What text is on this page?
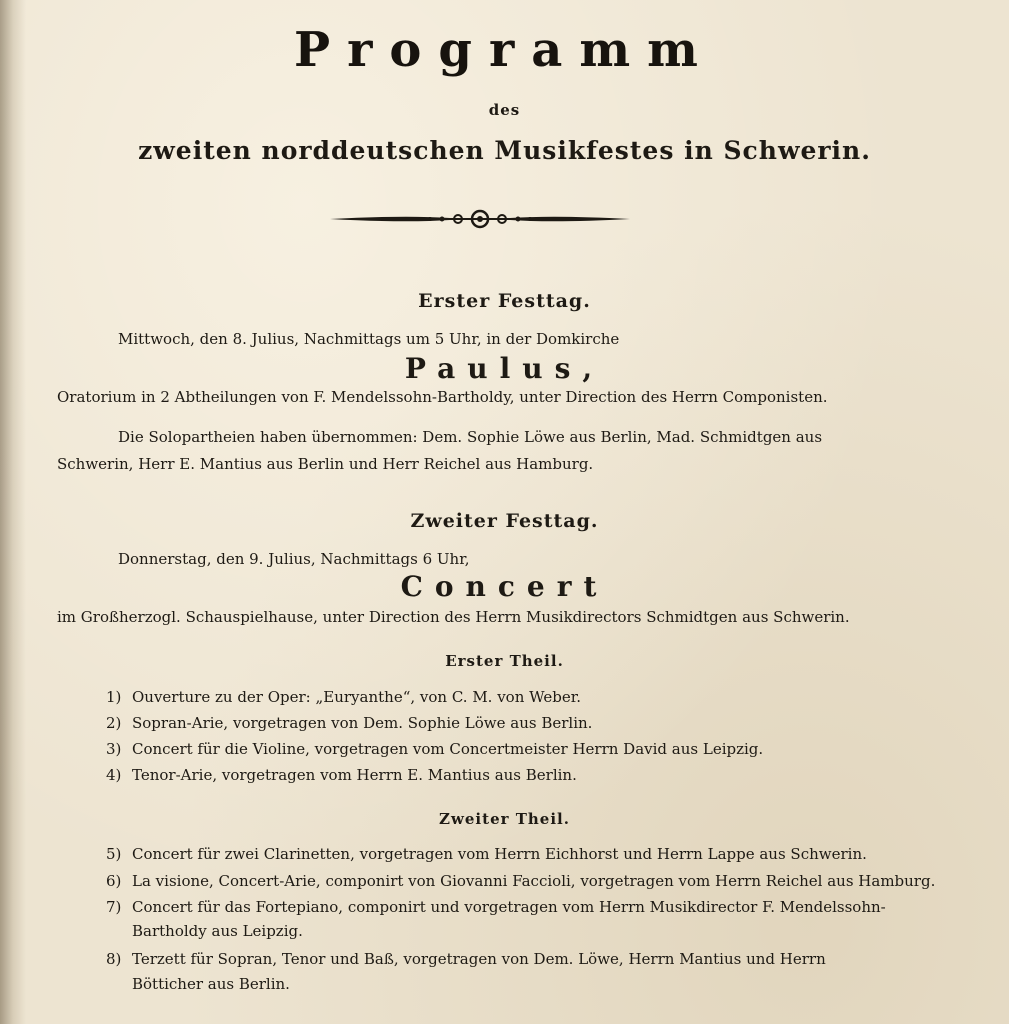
Programm
des
zweiten norddeutschen Musikfestes in Schwerin.
Erster Festtag.
Mittwoch, den 8. Julius, Nachmittags um 5 Uhr, in der Domkirche
Paulus,
Oratorium in 2 Abtheilungen von F. Mendelssohn-Bartholdy, unter Direction des Herrn Componisten.
Die Solopartheien haben übernommen: Dem. Sophie Löwe aus Berlin, Mad. Schmidtgen aus
Schwerin, Herr E. Mantius aus Berlin und Herr Reichel aus Hamburg.
Zweiter Festtag.
Donnerstag, den 9. Julius, Nachmittags 6 Uhr,
Concert
im Großherzogl. Schauspielhause, unter Direction des Herrn Musikdirectors Schmidtgen aus Schwerin.
Erster Theil.
1) Ouverture zu der Oper: „Euryanthe“, von C. M. von Weber.
2) Sopran-Arie, vorgetragen von Dem. Sophie Löwe aus Berlin.
3) Concert für die Violine, vorgetragen vom Concertmeister Herrn David aus Leipzig.
4) Tenor-Arie, vorgetragen vom Herrn E. Mantius aus Berlin.
Zweiter Theil.
5) Concert für zwei Clarinetten, vorgetragen vom Herrn Eichhorst und Herrn Lappe aus Schwerin.
6) La visione, Concert-Arie, componirt von Giovanni Faccioli, vorgetragen vom Herrn Reichel aus Hamburg.
7) Concert für das Fortepiano, componirt und vorgetragen vom Herrn Musikdirector F. Mendelssohn-
Bartholdy aus Leipzig.
8) Terzett für Sopran, Tenor und Baß, vorgetragen von Dem. Löwe, Herrn Mantius und Herrn
Bötticher aus Berlin.
